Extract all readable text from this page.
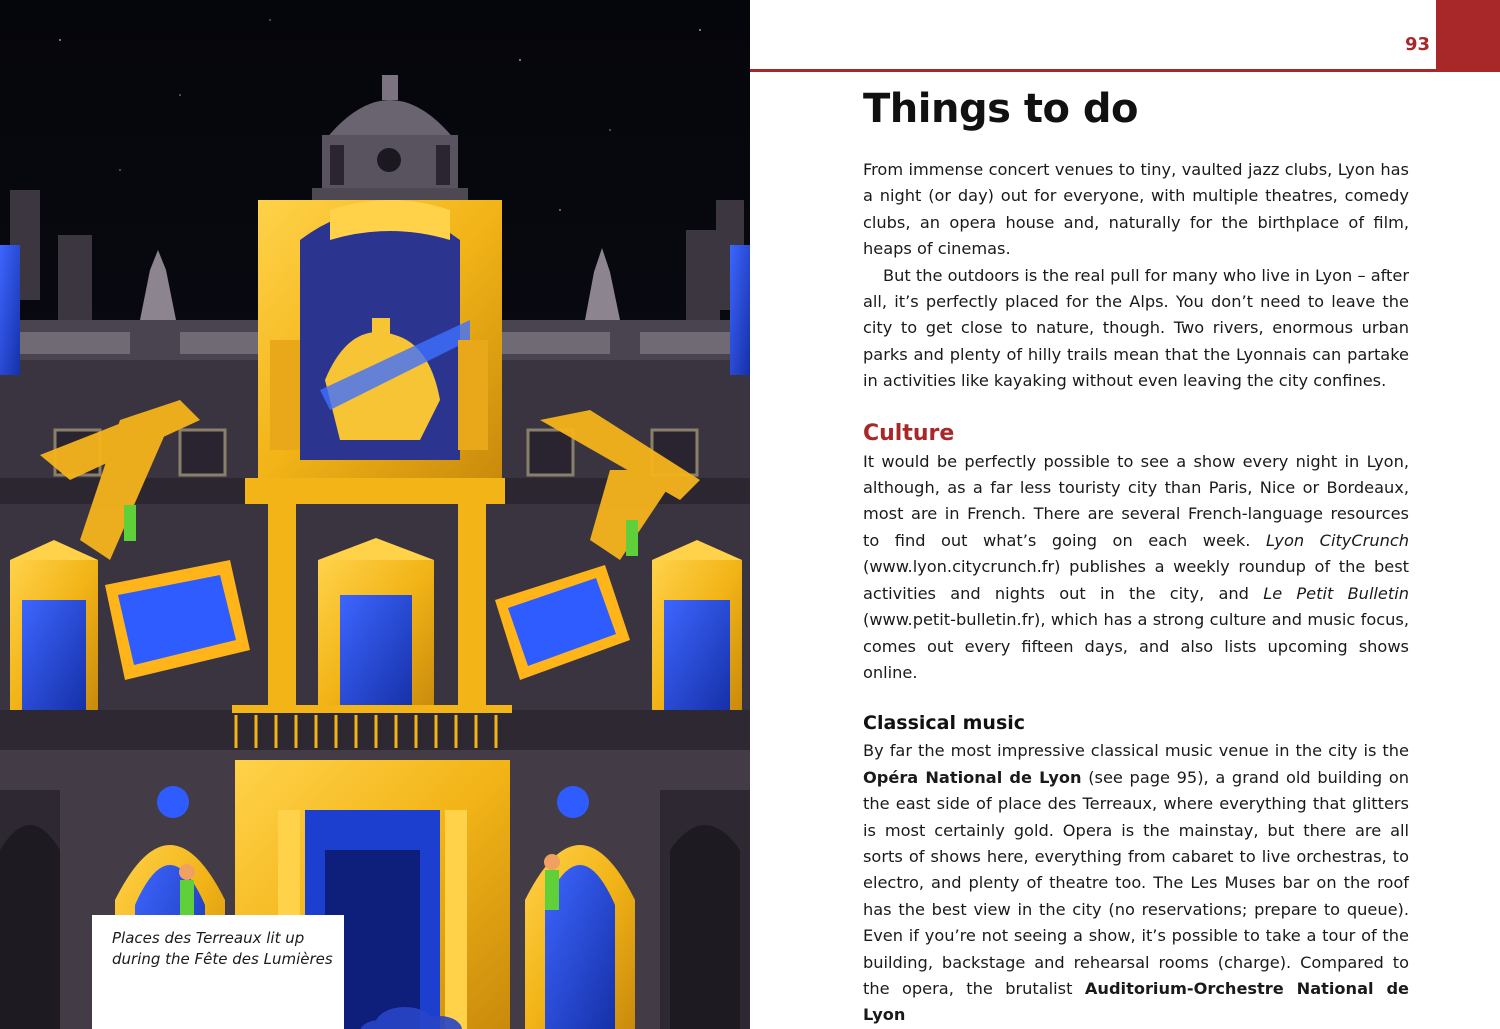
Places des Terreaux lit up
during the Fête des Lumières
93
Things to do

From immense concert venues to tiny, vaulted jazz clubs, Lyon has a night (or day) out for everyone, with multiple theatres, comedy clubs, an opera house and, naturally for the birthplace of film, heaps of cinemas.

But the outdoors is the real pull for many who live in Lyon – after all, it’s perfectly placed for the Alps. You don’t need to leave the city to get close to nature, though. Two rivers, enormous urban parks and plenty of hilly trails mean that the Lyonnais can partake in activities like kayaking without even leaving the city confines.

Culture

It would be perfectly possible to see a show every night in Lyon, although, as a far less touristy city than Paris, Nice or Bordeaux, most are in French. There are several French-language resources to find out what’s going on each week. Lyon CityCrunch (www.lyon.citycrunch.fr) publishes a weekly roundup of the best activities and nights out in the city, and Le Petit Bulletin (www.petit-bulletin.fr), which has a strong culture and music focus, comes out every fifteen days, and also lists upcoming shows online.

Classical music

By far the most impressive classical music venue in the city is the Opéra National de Lyon (see page 95), a grand old building on the east side of place des Terreaux, where everything that glitters is most certainly gold. Opera is the mainstay, but there are all sorts of shows here, everything from cabaret to live orchestras, to electro, and plenty of theatre too. The Les Muses bar on the roof has the best view in the city (no reservations; prepare to queue). Even if you’re not seeing a show, it’s possible to take a tour of the building, backstage and rehearsal rooms (charge). Compared to the opera, the brutalist Auditorium-Orchestre National de Lyon
